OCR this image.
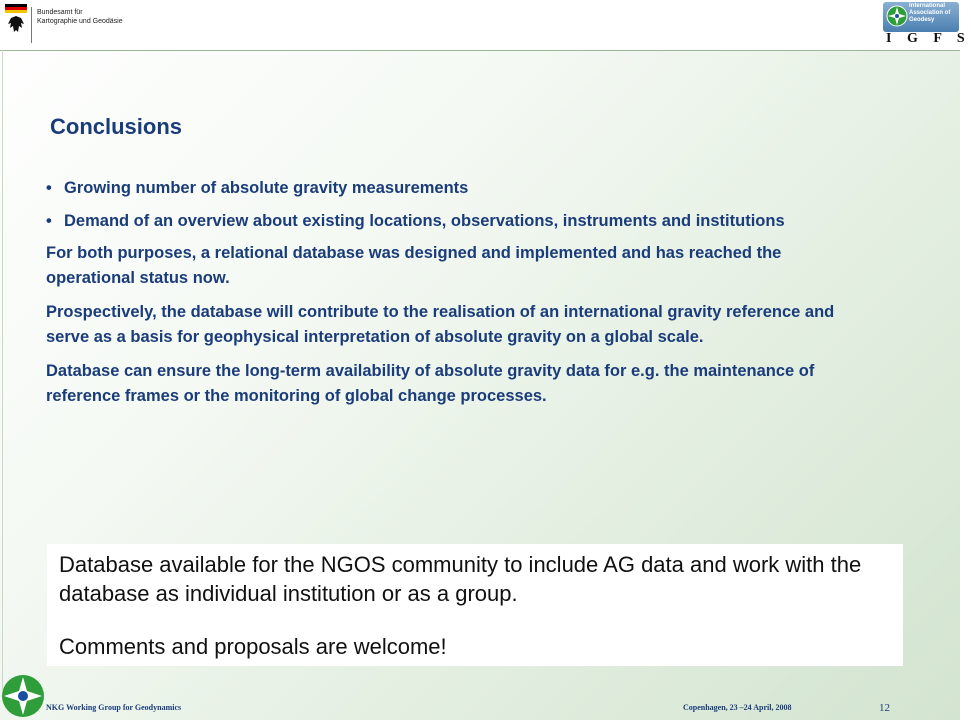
Bundesamt für
Kartographie und Geodäsie
International
Association of
Geodesy
I G F S
Conclusions
• Growing number of absolute gravity measurements
• Demand of an overview about existing locations, observations, instruments and institutions

For both purposes, a relational database was designed and implemented and has reached the operational status now.

Prospectively, the database will contribute to the realisation of an international gravity reference and serve as a basis for geophysical interpretation of absolute gravity on a global scale.

Database can ensure the long-term availability of absolute gravity data for e.g. the maintenance of reference frames or the monitoring of global change processes.

Database available for the NGOS community to include AG data and work with the database as individual institution or as a group.

Comments and proposals are welcome!

NKG Working Group for Geodynamics	Copenhagen, 23 –24 April, 2008	12
